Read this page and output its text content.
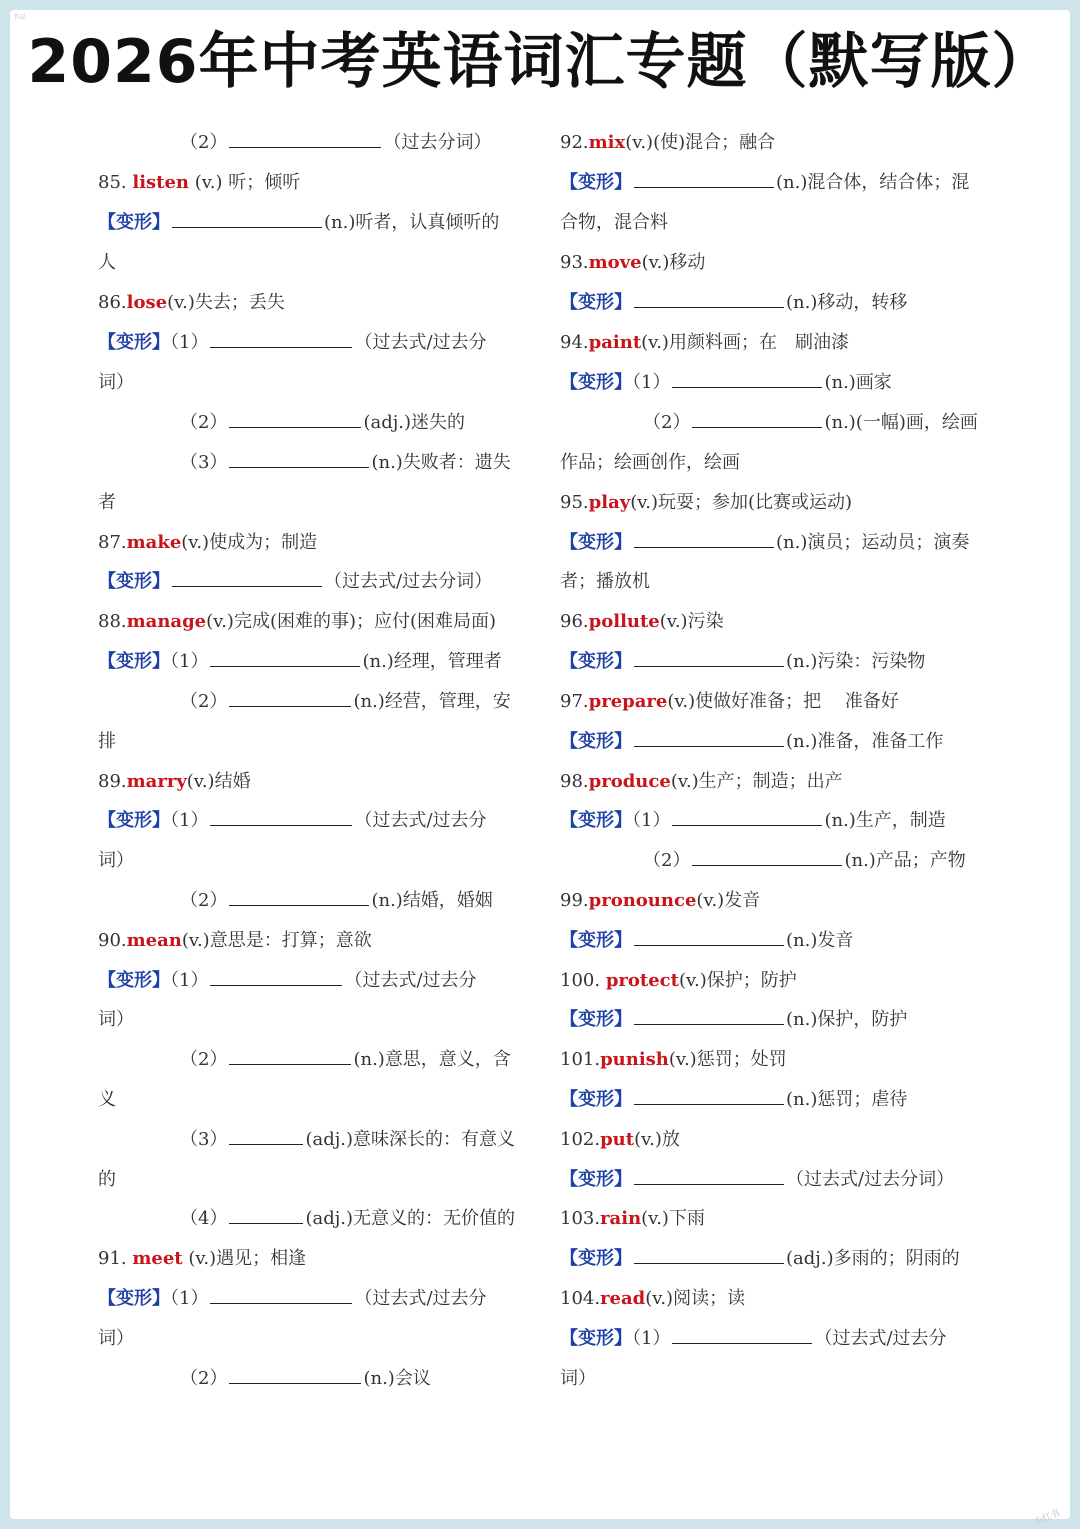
作品
2026年中考英语词汇专题（默写版）
（2）	（过去分词）
85. listen (v.) 听；倾听
【变形】	(n.)听者，认真倾听的
人
86.lose(v.)失去；丢失
【变形】（1）	（过去式/过去分
词）
（2）	(adj.)迷失的
（3）	(n.)失败者：遗失
者
87.make(v.)使成为；制造
【变形】	（过去式/过去分词）
88.manage(v.)完成(困难的事)；应付(困难局面)
【变形】（1）	(n.)经理，管理者
（2）	(n.)经营，管理，安
排
89.marry(v.)结婚
【变形】（1）	（过去式/过去分
词）
（2）	(n.)结婚，婚姻
90.mean(v.)意思是：打算；意欲
【变形】（1）	（过去式/过去分
词）
（2）	(n.)意思，意义，含
义
（3）	(adj.)意味深长的：有意义
的
（4）	(adj.)无意义的：无价值的
91. meet (v.)遇见；相逢
【变形】（1）	（过去式/过去分
词）
（2）	(n.)会议
92.mix(v.)(使)混合；融合
【变形】	(n.)混合体，结合体；混
合物，混合料
93.move(v.)移动
【变形】	(n.)移动，转移
94.paint(v.)用颜料画；在　刷油漆
【变形】（1）	(n.)画家
（2）	(n.)(一幅)画，绘画
作品；绘画创作，绘画
95.play(v.)玩耍；参加(比赛或运动)
【变形】	(n.)演员；运动员；演奏
者；播放机
96.pollute(v.)污染
【变形】	(n.)污染：污染物
97.prepare(v.)使做好准备；把　 准备好
【变形】	(n.)准备，准备工作
98.produce(v.)生产；制造；出产
【变形】（1）	(n.)生产，制造
（2）	(n.)产品；产物
99.pronounce(v.)发音
【变形】	(n.)发音
100. protect(v.)保护；防护
【变形】	(n.)保护，防护
101.punish(v.)惩罚；处罚
【变形】	(n.)惩罚；虐待
102.put(v.)放
【变形】	（过去式/过去分词）
103.rain(v.)下雨
【变形】	(adj.)多雨的；阴雨的
104.read(v.)阅读；读
【变形】（1）	（过去式/过去分
词）
小红书
